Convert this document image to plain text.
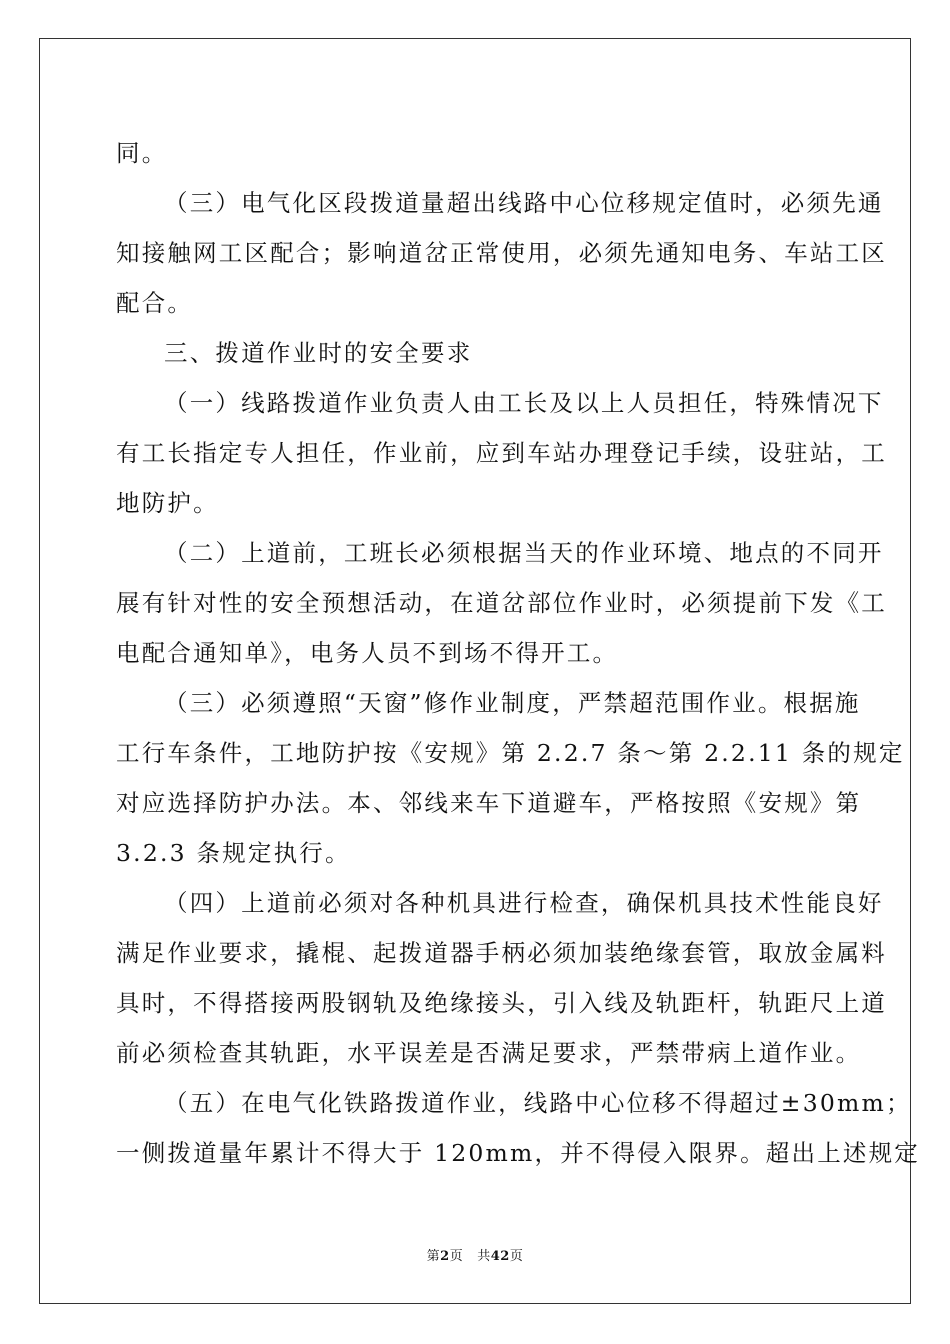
同。
（三）电气化区段拨道量超出线路中心位移规定值时，必须先通
知接触网工区配合；影响道岔正常使用，必须先通知电务、车站工区
配合。
三、拨道作业时的安全要求
（一）线路拨道作业负责人由工长及以上人员担任，特殊情况下
有工长指定专人担任，作业前，应到车站办理登记手续，设驻站，工
地防护。
（二）上道前，工班长必须根据当天的作业环境、地点的不同开
展有针对性的安全预想活动，在道岔部位作业时，必须提前下发《工
电配合通知单》，电务人员不到场不得开工。
（三）必须遵照“天窗”修作业制度，严禁超范围作业。根据施
工行车条件，工地防护按《安规》第 2.2.7 条～第 2.2.11 条的规定
对应选择防护办法。本、邻线来车下道避车，严格按照《安规》第
3.2.3 条规定执行。
（四）上道前必须对各种机具进行检查，确保机具技术性能良好
满足作业要求，撬棍、起拨道器手柄必须加装绝缘套管，取放金属料
具时，不得搭接两股钢轨及绝缘接头，引入线及轨距杆，轨距尺上道
前必须检查其轨距，水平误差是否满足要求，严禁带病上道作业。
（五）在电气化铁路拨道作业，线路中心位移不得超过±30mm；
一侧拨道量年累计不得大于 120mm，并不得侵入限界。超出上述规定
第2页 共42页
